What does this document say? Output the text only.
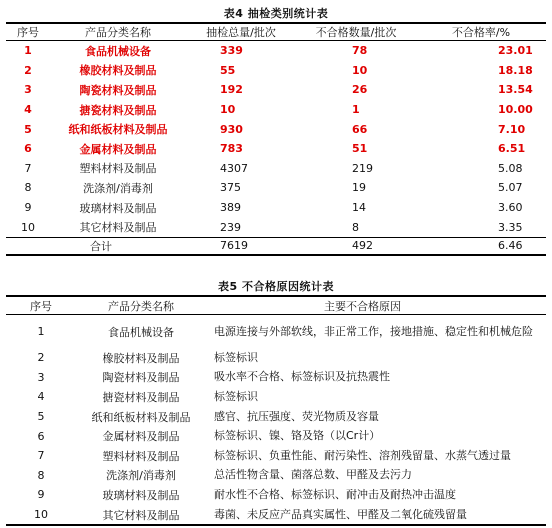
表4 抽检类别统计表
序号	产品分类名称	抽检总量/批次	不合格数量/批次	不合格率/%
1	食品机械设备	339	78	23.01
2	橡胶材料及制品	55	10	18.18
3	陶瓷材料及制品	192	26	13.54
4	搪瓷材料及制品	10	1	10.00
5	纸和纸板材料及制品	930	66	7.10
6	金属材料及制品	783	51	6.51
7	塑料材料及制品	4307	219	5.08
8	洗涤剂/消毒剂	375	19	5.07
9	玻璃材料及制品	389	14	3.60
10	其它材料及制品	239	8	3.35
	合计	7619	492	6.46
表5 不合格原因统计表
序号	产品分类名称	主要不合格原因
1	食品机械设备	电源连接与外部软线，非正常工作，接地措施、稳定性和机械危险
2	橡胶材料及制品	标签标识
3	陶瓷材料及制品	吸水率不合格、标签标识及抗热震性
4	搪瓷材料及制品	标签标识
5	纸和纸板材料及制品	感官、抗压强度、荧光物质及容量
6	金属材料及制品	标签标识、镍、铬及铬（以Cr计）
7	塑料材料及制品	标签标识、负重性能、耐污染性、溶剂残留量、水蒸气透过量
8	洗涤剂/消毒剂	总活性物含量、菌落总数、甲醛及去污力
9	玻璃材料及制品	耐水性不合格、标签标识、耐冲击及耐热冲击温度
10	其它材料及制品	毒菌、未反应产品真实属性、甲醛及二氧化硫残留量
